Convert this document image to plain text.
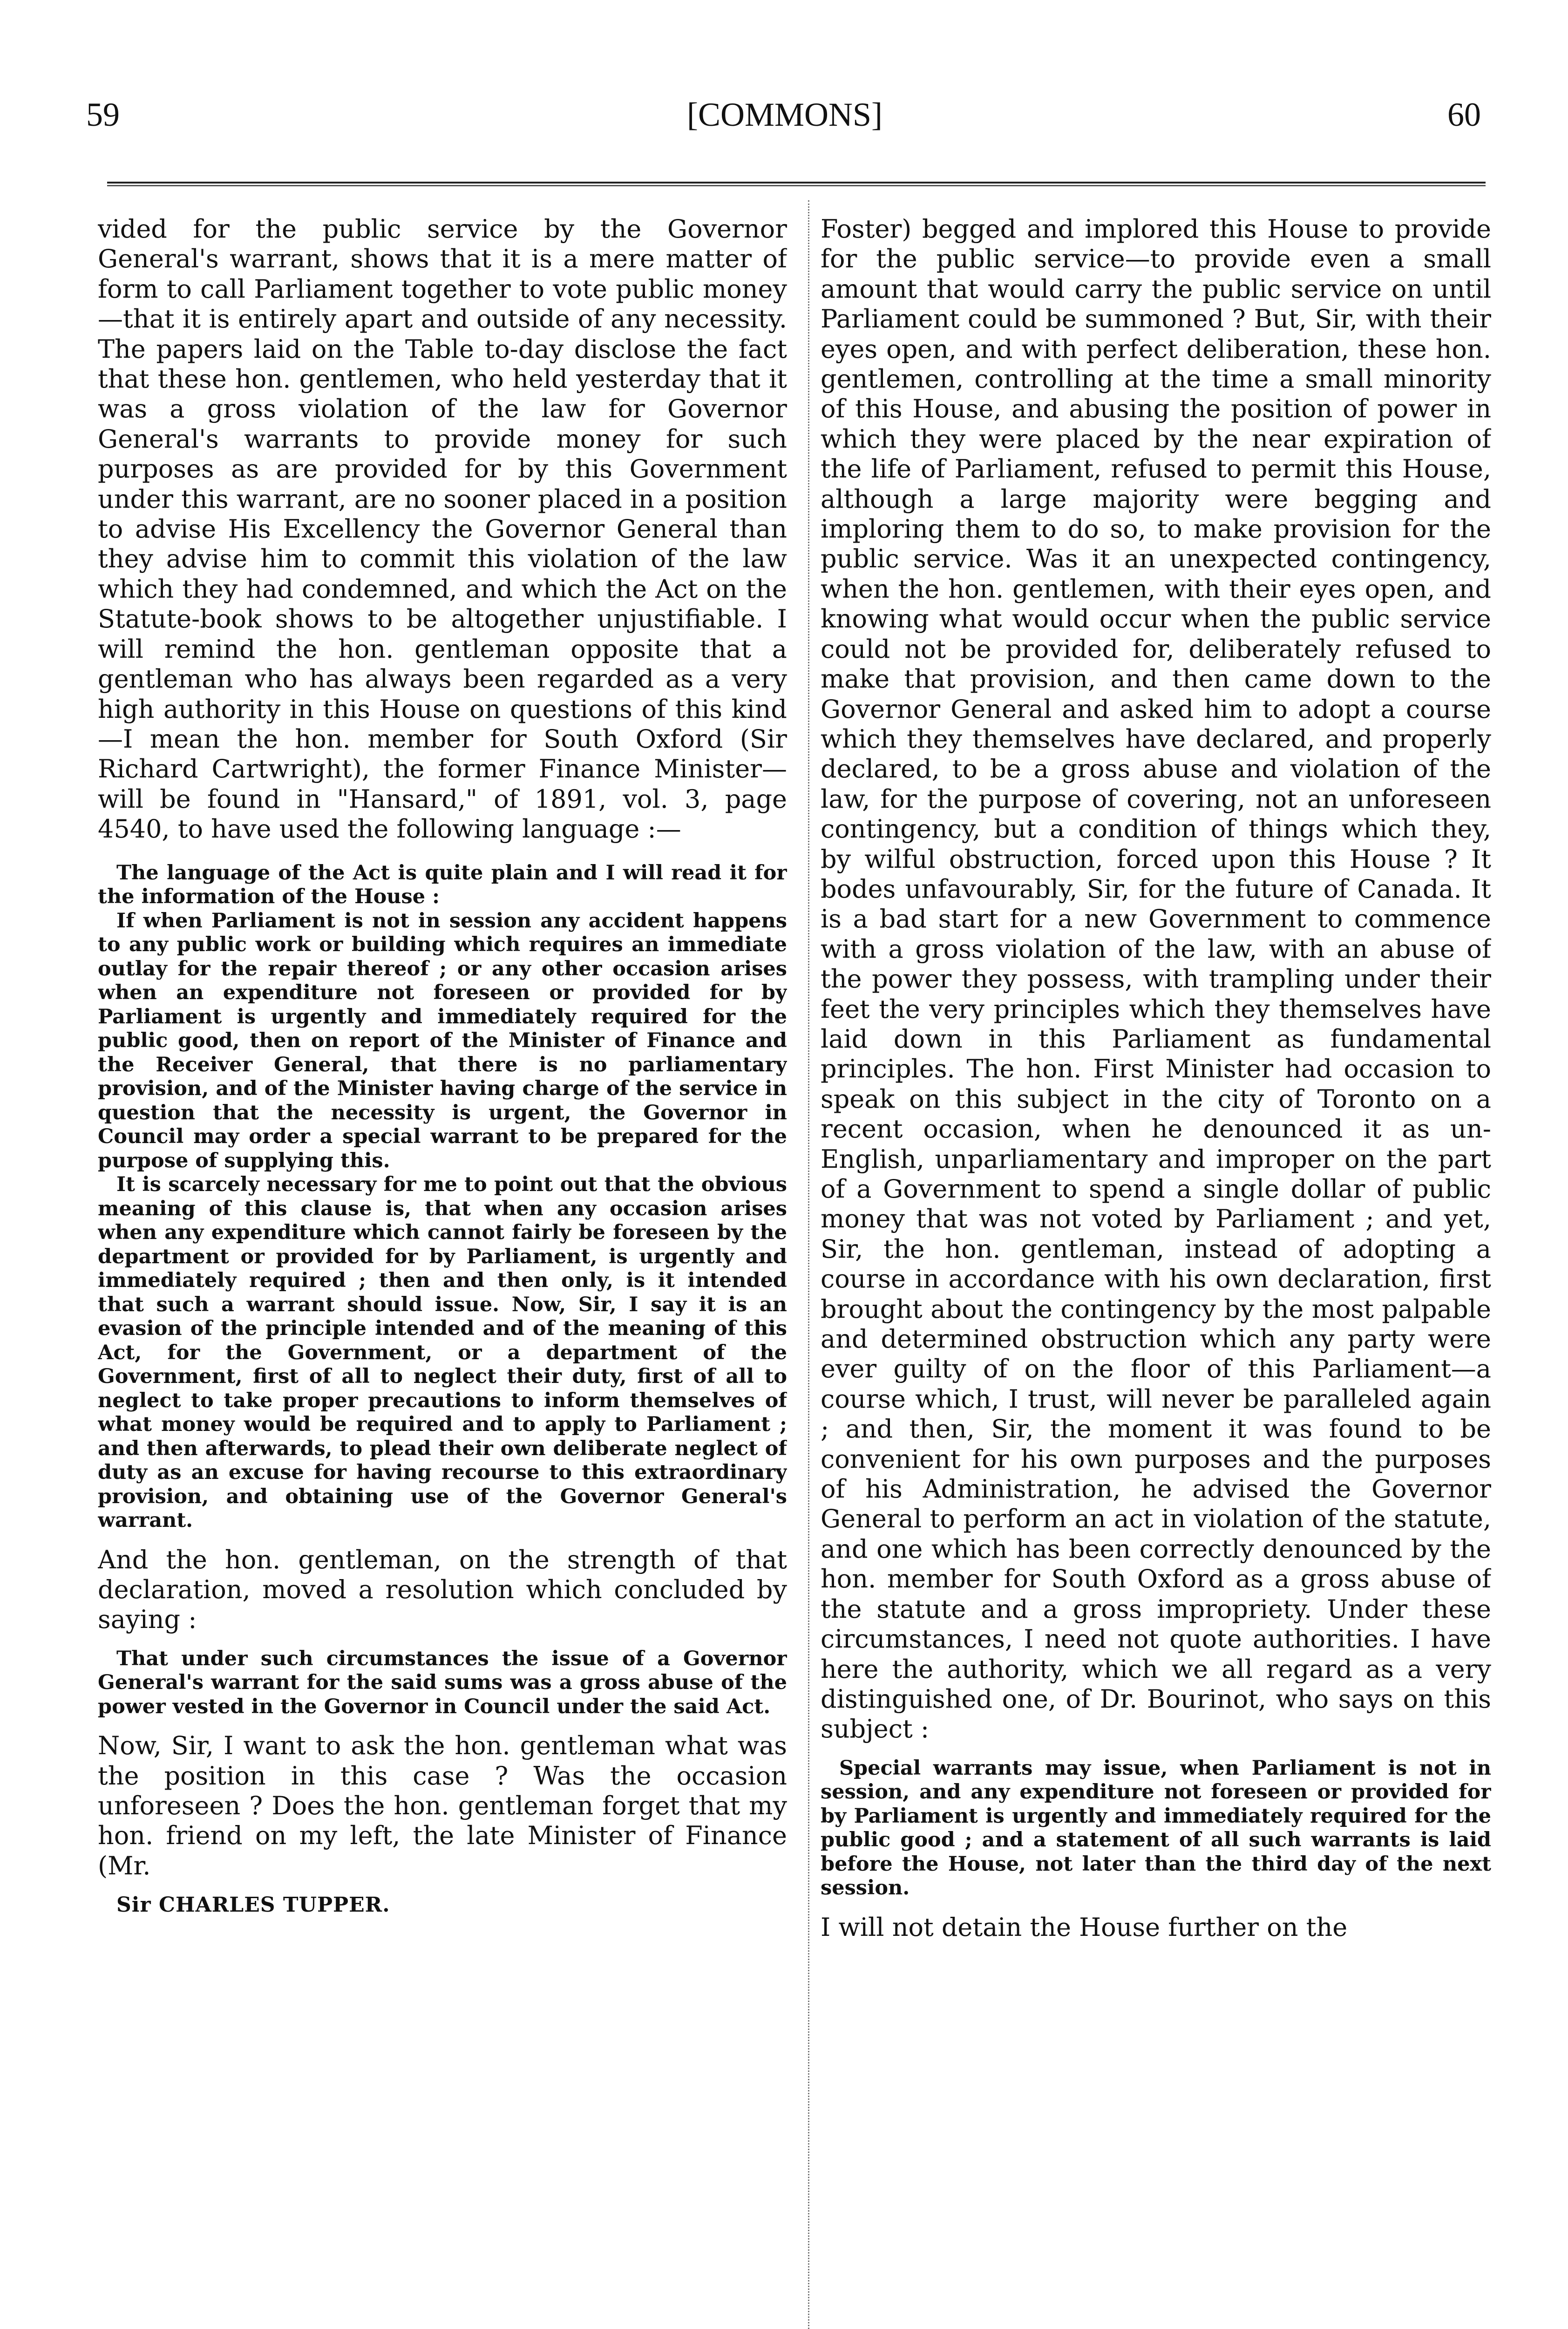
59	[COMMONS]	60

vided for the public service by the Governor General's warrant, shows that it is a mere matter of form to call Parliament together to vote public money—that it is entirely apart and outside of any necessity. The papers laid on the Table to-day disclose the fact that these hon. gentlemen, who held yesterday that it was a gross violation of the law for Governor General's warrants to provide money for such purposes as are provided for by this Government under this warrant, are no sooner placed in a position to advise His Excellency the Governor General than they advise him to commit this violation of the law which they had condemned, and which the Act on the Statute-book shows to be altogether unjustifiable. I will remind the hon. gentleman opposite that a gentleman who has always been regarded as a very high authority in this House on questions of this kind—I mean the hon. member for South Oxford (Sir Richard Cartwright), the former Finance Minister—will be found in "Hansard," of 1891, vol. 3, page 4540, to have used the following language :—

The language of the Act is quite plain and I will read it for the information of the House :

If when Parliament is not in session any accident happens to any public work or building which requires an immediate outlay for the repair thereof ; or any other occasion arises when an expenditure not foreseen or provided for by Parliament is urgently and immediately required for the public good, then on report of the Minister of Finance and the Receiver General, that there is no parliamentary provision, and of the Minister having charge of the service in question that the necessity is urgent, the Governor in Council may order a special warrant to be prepared for the purpose of supplying this.

It is scarcely necessary for me to point out that the obvious meaning of this clause is, that when any occasion arises when any expenditure which cannot fairly be foreseen by the department or provided for by Parliament, is urgently and immediately required ; then and then only, is it intended that such a warrant should issue. Now, Sir, I say it is an evasion of the principle intended and of the meaning of this Act, for the Government, or a department of the Government, first of all to neglect their duty, first of all to neglect to take proper precautions to inform themselves of what money would be required and to apply to Parliament ; and then afterwards, to plead their own deliberate neglect of duty as an excuse for having recourse to this extraordinary provision, and obtaining use of the Governor General's warrant.

And the hon. gentleman, on the strength of that declaration, moved a resolution which concluded by saying :

That under such circumstances the issue of a Governor General's warrant for the said sums was a gross abuse of the power vested in the Governor in Council under the said Act.

Now, Sir, I want to ask the hon. gentleman what was the position in this case ? Was the occasion unforeseen ? Does the hon. gentleman forget that my hon. friend on my left, the late Minister of Finance (Mr.

Sir CHARLES TUPPER.

Foster) begged and implored this House to provide for the public service—to provide even a small amount that would carry the public service on until Parliament could be summoned ? But, Sir, with their eyes open, and with perfect deliberation, these hon. gentlemen, controlling at the time a small minority of this House, and abusing the position of power in which they were placed by the near expiration of the life of Parliament, refused to permit this House, although a large majority were begging and imploring them to do so, to make provision for the public service. Was it an unexpected contingency, when the hon. gentlemen, with their eyes open, and knowing what would occur when the public service could not be provided for, deliberately refused to make that provision, and then came down to the Governor General and asked him to adopt a course which they themselves have declared, and properly declared, to be a gross abuse and violation of the law, for the purpose of covering, not an unforeseen contingency, but a condition of things which they, by wilful obstruction, forced upon this House ? It bodes unfavourably, Sir, for the future of Canada. It is a bad start for a new Government to commence with a gross violation of the law, with an abuse of the power they possess, with trampling under their feet the very principles which they themselves have laid down in this Parliament as fundamental principles. The hon. First Minister had occasion to speak on this subject in the city of Toronto on a recent occasion, when he denounced it as un-English, unparliamentary and improper on the part of a Government to spend a single dollar of public money that was not voted by Parliament ; and yet, Sir, the hon. gentleman, instead of adopting a course in accordance with his own declaration, first brought about the contingency by the most palpable and determined obstruction which any party were ever guilty of on the floor of this Parliament—a course which, I trust, will never be paralleled again ; and then, Sir, the moment it was found to be convenient for his own purposes and the purposes of his Administration, he advised the Governor General to perform an act in violation of the statute, and one which has been correctly denounced by the hon. member for South Oxford as a gross abuse of the statute and a gross impropriety. Under these circumstances, I need not quote authorities. I have here the authority, which we all regard as a very distinguished one, of Dr. Bourinot, who says on this subject :

Special warrants may issue, when Parliament is not in session, and any expenditure not foreseen or provided for by Parliament is urgently and immediately required for the public good ; and a statement of all such warrants is laid before the House, not later than the third day of the next session.

I will not detain the House further on the
